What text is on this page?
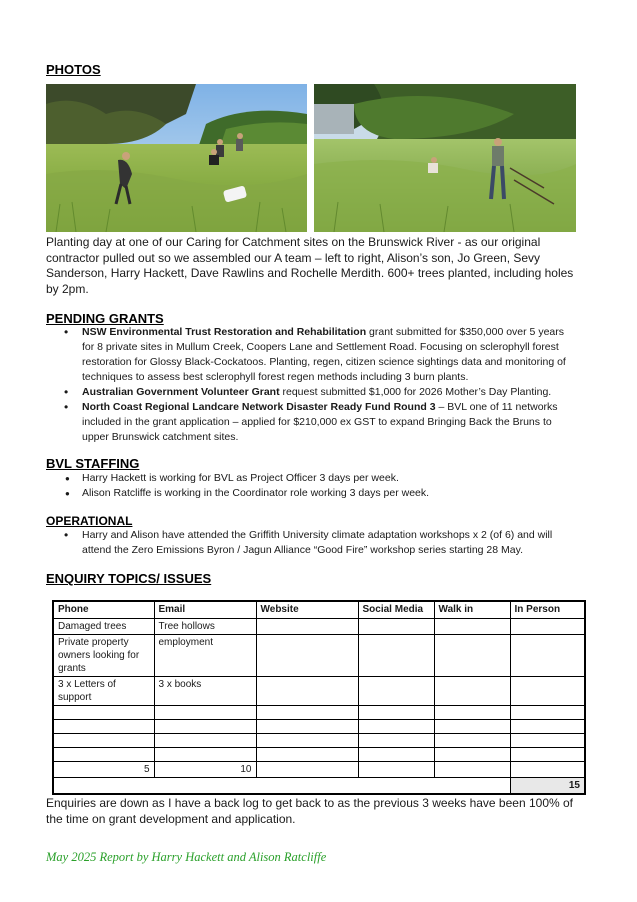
PHOTOS
Planting day at one of our Caring for Catchment sites on the Brunswick River - as our original contractor pulled out so we assembled our A team – left to right, Alison’s son, Jo Green, Sevy Sanderson, Harry Hackett, Dave Rawlins and Rochelle Merdith. 600+ trees planted, including holes by 2pm.
PENDING GRANTS
• NSW Environmental Trust Restoration and Rehabilitation grant submitted for $350,000 over 5 years for 8 private sites in Mullum Creek, Coopers Lane and Settlement Road. Focusing on sclerophyll forest restoration for Glossy Black-Cockatoos. Planting, regen, citizen science sightings data and monitoring of techniques to assess best sclerophyll forest regen methods including 3 burn plants.
• Australian Government Volunteer Grant request submitted $1,000 for 2026 Mother’s Day Planting.
• North Coast Regional Landcare Network Disaster Ready Fund Round 3 – BVL one of 11 networks included in the grant application – applied for $210,000 ex GST to expand Bringing Back the Bruns to upper Brunswick catchment sites.
BVL STAFFING
● Harry Hackett is working for BVL as Project Officer 3 days per week.
● Alison Ratcliffe is working in the Coordinator role working 3 days per week.
OPERATIONAL
• Harry and Alison have attended the Griffith University climate adaptation workshops x 2 (of 6) and will attend the Zero Emissions Byron / Jagun Alliance “Good Fire” workshop series starting 28 May.
ENQUIRY TOPICS/ ISSUES
Phone	Email	Website	Social Media	Walk in	In Person
Damaged trees	Tree hollows				
Private property owners looking for grants	employment				
3 x Letters of support	3 x books				

5	10				
					15
Enquiries are down as I have a back log to get back to as the previous 3 weeks have been 100% of the time on grant development and application.
May 2025 Report by Harry Hackett and Alison Ratcliffe
